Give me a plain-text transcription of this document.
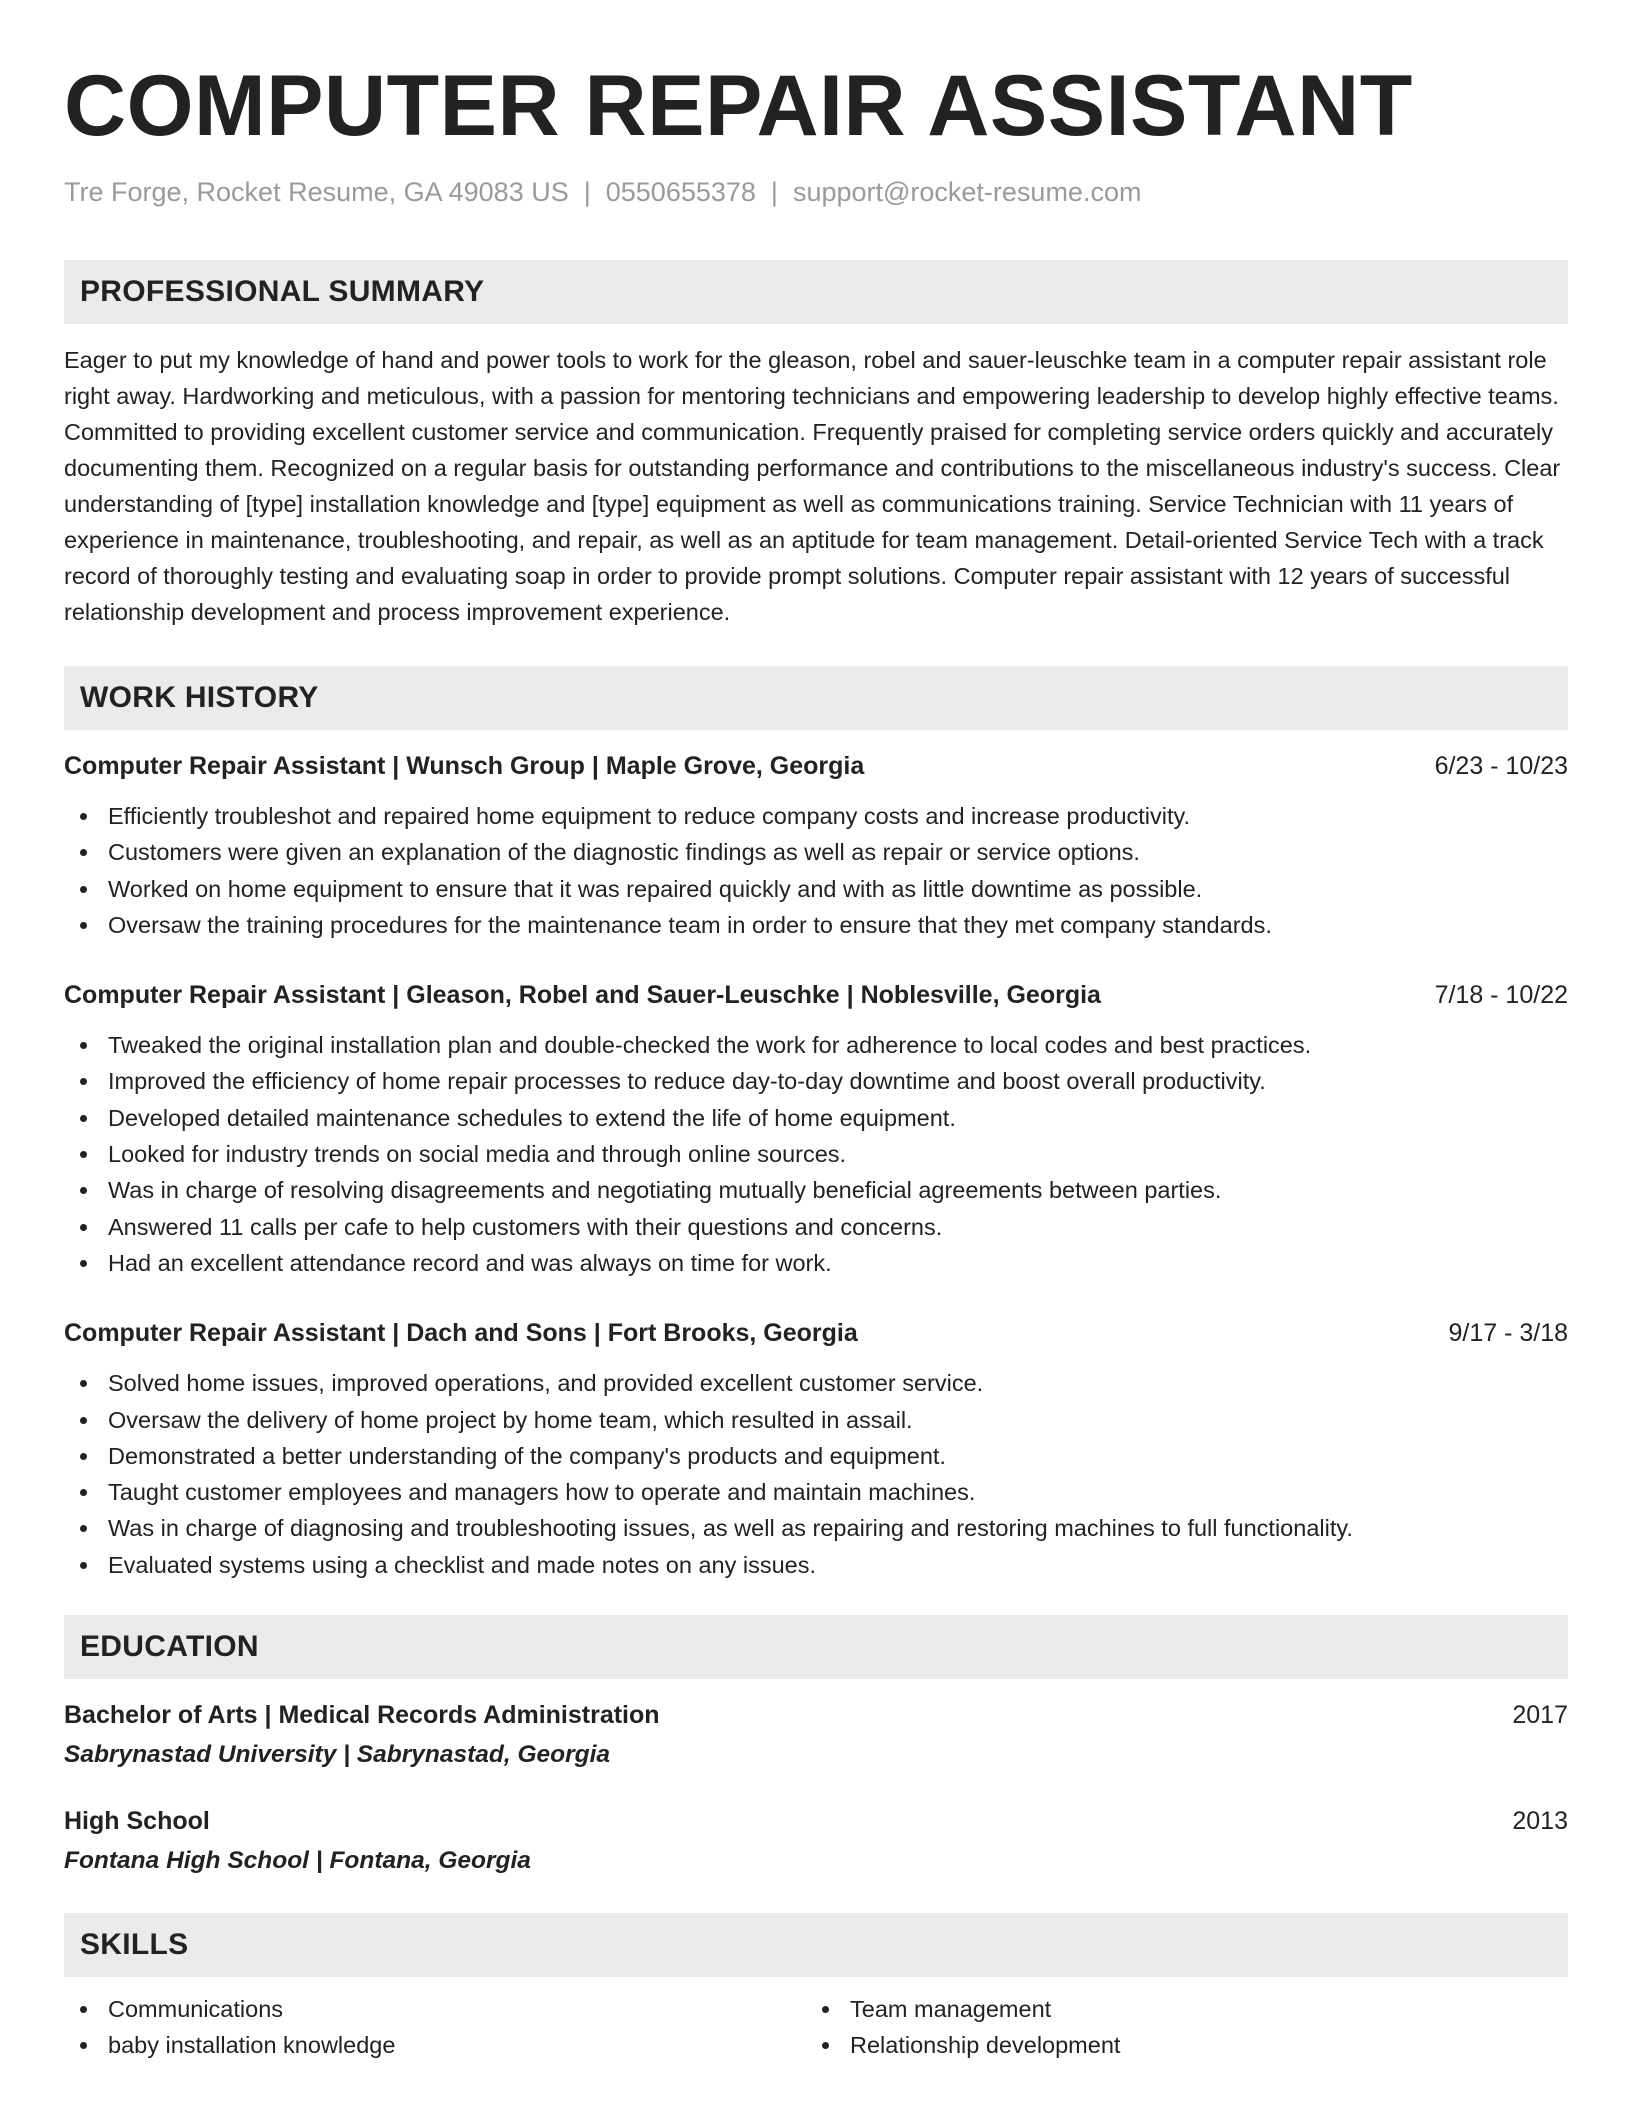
COMPUTER REPAIR ASSISTANT
Tre Forge, Rocket Resume, GA 49083 US | 0550655378 | support@rocket-resume.com
PROFESSIONAL SUMMARY
Eager to put my knowledge of hand and power tools to work for the gleason, robel and sauer-leuschke team in a computer repair assistant role right away. Hardworking and meticulous, with a passion for mentoring technicians and empowering leadership to develop highly effective teams. Committed to providing excellent customer service and communication. Frequently praised for completing service orders quickly and accurately documenting them. Recognized on a regular basis for outstanding performance and contributions to the miscellaneous industry's success. Clear understanding of [type] installation knowledge and [type] equipment as well as communications training. Service Technician with 11 years of experience in maintenance, troubleshooting, and repair, as well as an aptitude for team management. Detail-oriented Service Tech with a track record of thoroughly testing and evaluating soap in order to provide prompt solutions. Computer repair assistant with 12 years of successful relationship development and process improvement experience.
WORK HISTORY
Computer Repair Assistant | Wunsch Group | Maple Grove, Georgia	6/23 - 10/23
Efficiently troubleshot and repaired home equipment to reduce company costs and increase productivity.
Customers were given an explanation of the diagnostic findings as well as repair or service options.
Worked on home equipment to ensure that it was repaired quickly and with as little downtime as possible.
Oversaw the training procedures for the maintenance team in order to ensure that they met company standards.
Computer Repair Assistant | Gleason, Robel and Sauer-Leuschke | Noblesville, Georgia	7/18 - 10/22
Tweaked the original installation plan and double-checked the work for adherence to local codes and best practices.
Improved the efficiency of home repair processes to reduce day-to-day downtime and boost overall productivity.
Developed detailed maintenance schedules to extend the life of home equipment.
Looked for industry trends on social media and through online sources.
Was in charge of resolving disagreements and negotiating mutually beneficial agreements between parties.
Answered 11 calls per cafe to help customers with their questions and concerns.
Had an excellent attendance record and was always on time for work.
Computer Repair Assistant | Dach and Sons | Fort Brooks, Georgia	9/17 - 3/18
Solved home issues, improved operations, and provided excellent customer service.
Oversaw the delivery of home project by home team, which resulted in assail.
Demonstrated a better understanding of the company's products and equipment.
Taught customer employees and managers how to operate and maintain machines.
Was in charge of diagnosing and troubleshooting issues, as well as repairing and restoring machines to full functionality.
Evaluated systems using a checklist and made notes on any issues.
EDUCATION
Bachelor of Arts | Medical Records Administration	2017
Sabrynastad University | Sabrynastad, Georgia
High School	2013
Fontana High School | Fontana, Georgia
SKILLS
Communications
baby installation knowledge
Team management
Relationship development
